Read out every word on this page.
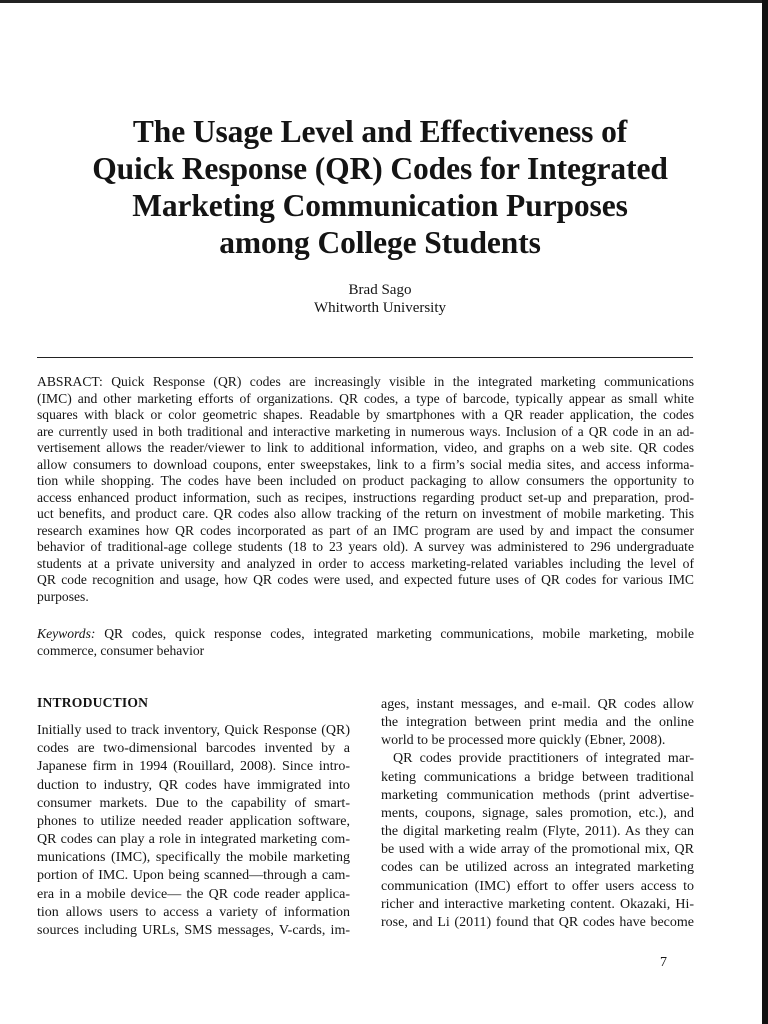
The Usage Level and Effectiveness of
Quick Response (QR) Codes for Integrated
Marketing Communication Purposes
among College Students
Brad Sago
Whitworth University
ABSRACT: Quick Response (QR) codes are increasingly visible in the integrated marketing communications
(IMC) and other marketing efforts of organizations. QR codes, a type of barcode, typically appear as small white
squares with black or color geometric shapes. Readable by smartphones with a QR reader application, the codes
are currently used in both traditional and interactive marketing in numerous ways. Inclusion of a QR code in an ad-
vertisement allows the reader/viewer to link to additional information, video, and graphs on a web site. QR codes
allow consumers to download coupons, enter sweepstakes, link to a firm’s social media sites, and access informa-
tion while shopping. The codes have been included on product packaging to allow consumers the opportunity to
access enhanced product information, such as recipes, instructions regarding product set-up and preparation, prod-
uct benefits, and product care. QR codes also allow tracking of the return on investment of mobile marketing. This
research examines how QR codes incorporated as part of an IMC program are used by and impact the consumer
behavior of traditional-age college students (18 to 23 years old). A survey was administered to 296 undergraduate
students at a private university and analyzed in order to access marketing-related variables including the level of
QR code recognition and usage, how QR codes were used, and expected future uses of QR codes for various IMC
purposes.
Keywords: QR codes, quick response codes, integrated marketing communications, mobile marketing, mobile
commerce, consumer behavior
INTRODUCTION
Initially used to track inventory, Quick Response (QR)
codes are two-dimensional barcodes invented by a
Japanese firm in 1994 (Rouillard, 2008). Since intro-
duction to industry, QR codes have immigrated into
consumer markets. Due to the capability of smart-
phones to utilize needed reader application software,
QR codes can play a role in integrated marketing com-
munications (IMC), specifically the mobile marketing
portion of IMC. Upon being scanned—through a cam-
era in a mobile device— the QR code reader applica-
tion allows users to access a variety of information
sources including URLs, SMS messages, V-cards, im-
ages, instant messages, and e-mail. QR codes allow
the integration between print media and the online
world to be processed more quickly (Ebner, 2008).
QR codes provide practitioners of integrated mar-
keting communications a bridge between traditional
marketing communication methods (print advertise-
ments, coupons, signage, sales promotion, etc.), and
the digital marketing realm (Flyte, 2011). As they can
be used with a wide array of the promotional mix, QR
codes can be utilized across an integrated marketing
communication (IMC) effort to offer users access to
richer and interactive marketing content. Okazaki, Hi-
rose, and Li (2011) found that QR codes have become
7
